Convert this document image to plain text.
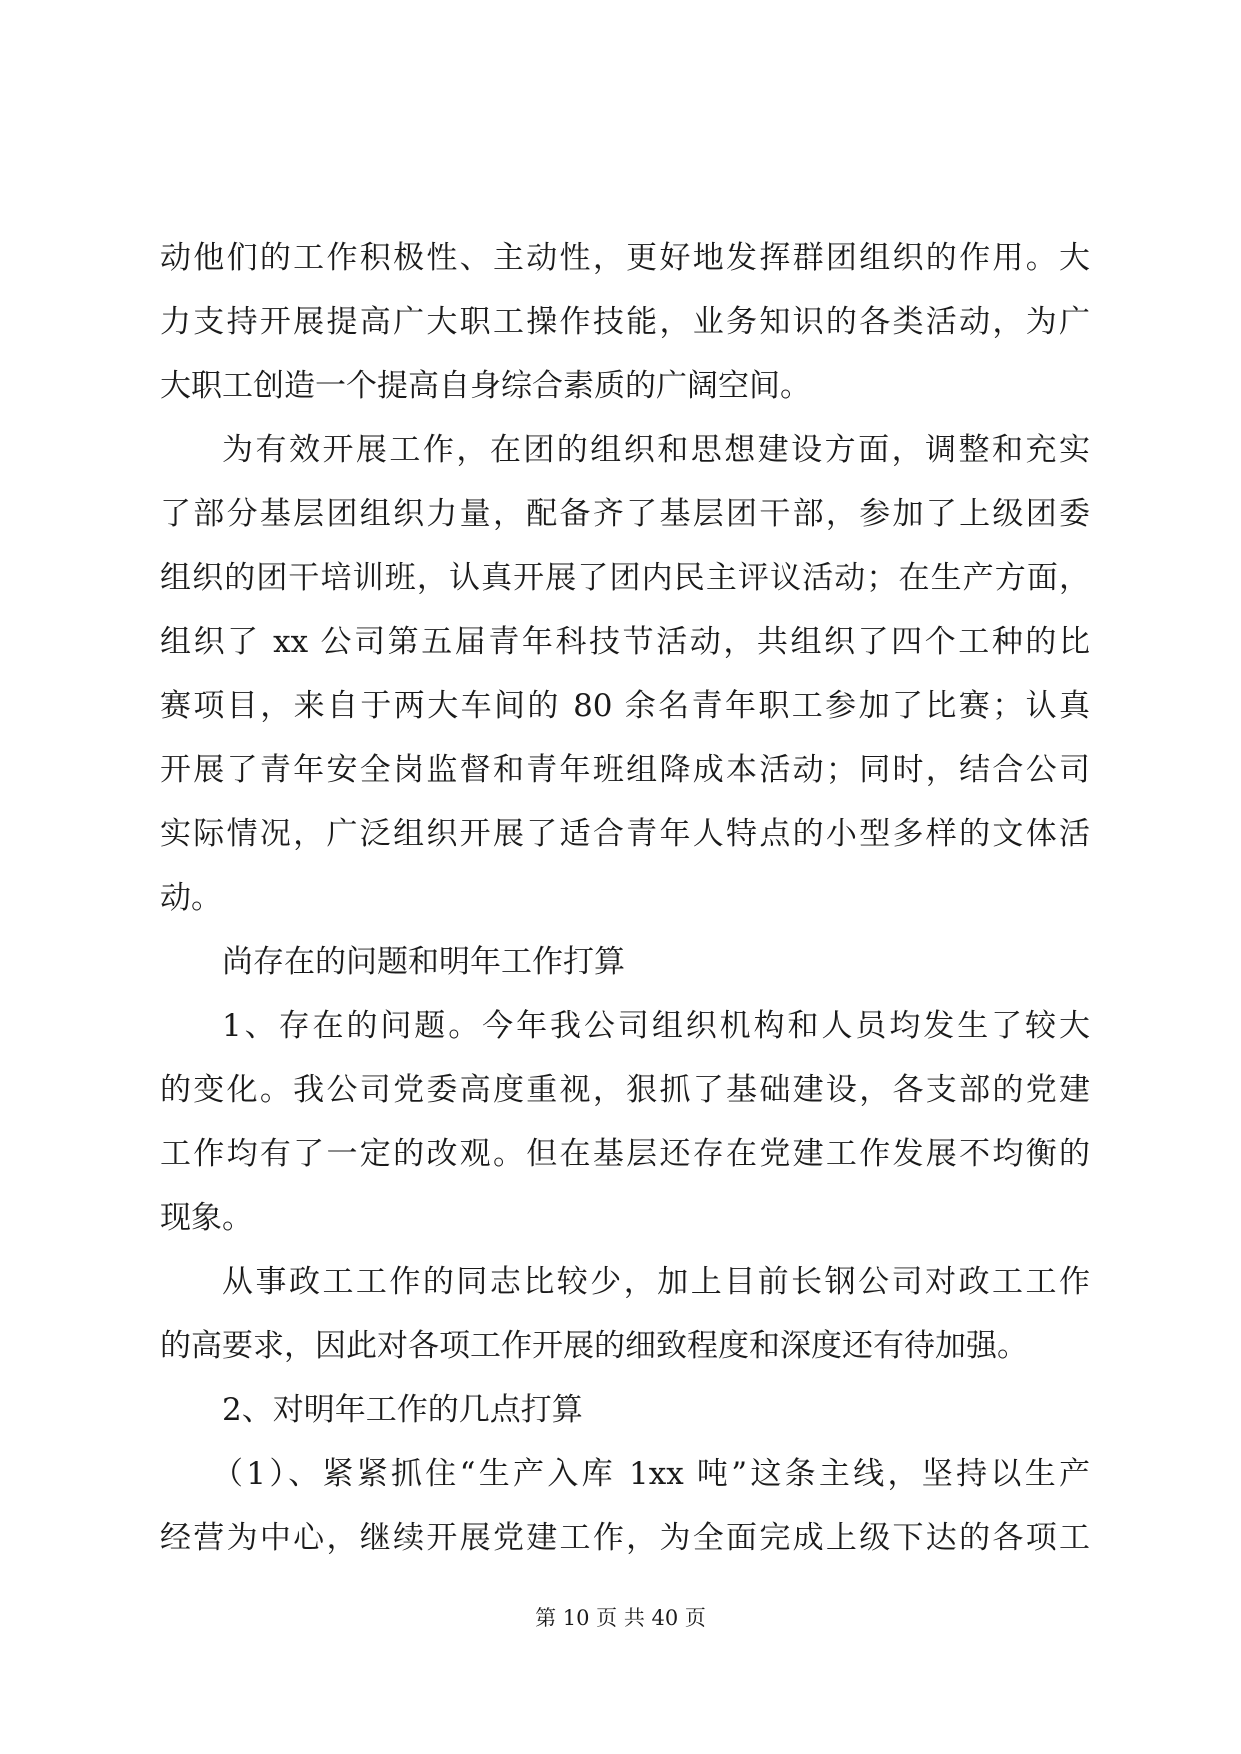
动他们的工作积极性、主动性，更好地发挥群团组织的作用。大
力支持开展提高广大职工操作技能，业务知识的各类活动，为广
大职工创造一个提高自身综合素质的广阔空间。
为有效开展工作，在团的组织和思想建设方面，调整和充实
了部分基层团组织力量，配备齐了基层团干部，参加了上级团委
组织的团干培训班，认真开展了团内民主评议活动；在生产方面，
组织了 xx 公司第五届青年科技节活动，共组织了四个工种的比
赛项目，来自于两大车间的 80 余名青年职工参加了比赛；认真
开展了青年安全岗监督和青年班组降成本活动；同时，结合公司
实际情况，广泛组织开展了适合青年人特点的小型多样的文体活
动。
尚存在的问题和明年工作打算
1、存在的问题。今年我公司组织机构和人员均发生了较大
的变化。我公司党委高度重视，狠抓了基础建设，各支部的党建
工作均有了一定的改观。但在基层还存在党建工作发展不均衡的
现象。
从事政工工作的同志比较少，加上目前长钢公司对政工工作
的高要求，因此对各项工作开展的细致程度和深度还有待加强。
2、对明年工作的几点打算
（1）、紧紧抓住“生产入库 1xx 吨”这条主线，坚持以生产
经营为中心，继续开展党建工作，为全面完成上级下达的各项工
第 10 页 共 40 页
